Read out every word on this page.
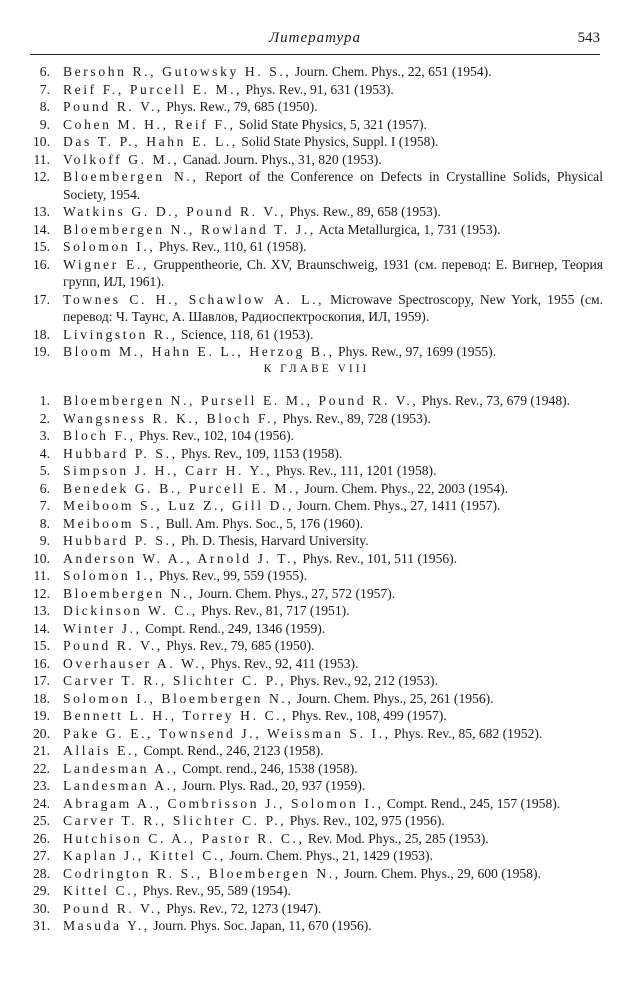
Литература	543
6. Bersohn R., Gutowsky H. S., Journ. Chem. Phys., 22, 651 (1954).
7. Reif F., Purcell E. M., Phys. Rev., 91, 631 (1953).
8. Pound R. V., Phys. Rew., 79, 685 (1950).
9. Cohen M. H., Reif F., Solid State Physics, 5, 321 (1957).
10. Das T. P., Hahn E. L., Solid State Physics, Suppl. I (1958).
11. Volkoff G. M., Canad. Journ. Phys., 31, 820 (1953).
12. Bloembergen N., Report of the Conference on Defects in Crystalline Solids, Physical Society, 1954.
13. Watkins G. D., Pound R. V., Phys. Rew., 89, 658 (1953).
14. Bloembergen N., Rowland T. J., Acta Metallurgica, 1, 731 (1953).
15. Solomon I., Phys. Rev., 110, 61 (1958).
16. Wigner E., Gruppentheorie, Ch. XV, Braunschweig, 1931 (см. перевод: Е. Вигнер, Теория групп, ИЛ, 1961).
17. Townes C. H., Schawlow A. L., Microwave Spectroscopy, New York, 1955 (см. перевод: Ч. Таунс, А. Шавлов, Радиоспектроскопия, ИЛ, 1959).
18. Livingston R., Science, 118, 61 (1953).
19. Bloom M., Hahn E. L., Herzog B., Phys. Rew., 97, 1699 (1955).
К ГЛАВЕ VIII
1. Bloembergen N., Pursell E. M., Pound R. V., Phys. Rev., 73, 679 (1948).
2. Wangsness R. K., Bloch F., Phys. Rev., 89, 728 (1953).
3. Bloch F., Phys. Rev., 102, 104 (1956).
4. Hubbard P. S., Phys. Rev., 109, 1153 (1958).
5. Simpson J. H., Carr H. Y., Phys. Rev., 111, 1201 (1958).
6. Benedek G. B., Purcell E. M., Journ. Chem. Phys., 22, 2003 (1954).
7. Meiboom S., Luz Z., Gill D., Journ. Chem. Phys., 27, 1411 (1957).
8. Meiboom S., Bull. Am. Phys. Soc., 5, 176 (1960).
9. Hubbard P. S., Ph. D. Thesis, Harvard University.
10. Anderson W. A., Arnold J. T., Phys. Rev., 101, 511 (1956).
11. Solomon I., Phys. Rev., 99, 559 (1955).
12. Bloembergen N., Journ. Chem. Phys., 27, 572 (1957).
13. Dickinson W. C., Phys. Rev., 81, 717 (1951).
14. Winter J., Compt. Rend., 249, 1346 (1959).
15. Pound R. V., Phys. Rev., 79, 685 (1950).
16. Overhauser A. W., Phys. Rev., 92, 411 (1953).
17. Carver T. R., Slichter C. P., Phys. Rev., 92, 212 (1953).
18. Solomon I., Bloembergen N., Journ. Chem. Phys., 25, 261 (1956).
19. Bennett L. H., Torrey H. C., Phys. Rev., 108, 499 (1957).
20. Pake G. E., Townsend J., Weissman S. I., Phys. Rev., 85, 682 (1952).
21. Allais E., Compt. Rend., 246, 2123 (1958).
22. Landesman A., Compt. rend., 246, 1538 (1958).
23. Landesman A., Journ. Plys. Rad., 20, 937 (1959).
24. Abragam A., Combrisson J., Solomon I., Compt. Rend., 245, 157 (1958).
25. Carver T. R., Slichter C. P., Phys. Rev., 102, 975 (1956).
26. Hutchison C. A., Pastor R. C., Rev. Mod. Phys., 25, 285 (1953).
27. Kaplan J., Kittel C., Journ. Chem. Phys., 21, 1429 (1953).
28. Codrington R. S., Bloembergen N., Journ. Chem. Phys., 29, 600 (1958).
29. Kittel C., Phys. Rev., 95, 589 (1954).
30. Pound R. V., Phys. Rev., 72, 1273 (1947).
31. Masuda Y., Journ. Phys. Soc. Japan, 11, 670 (1956).
